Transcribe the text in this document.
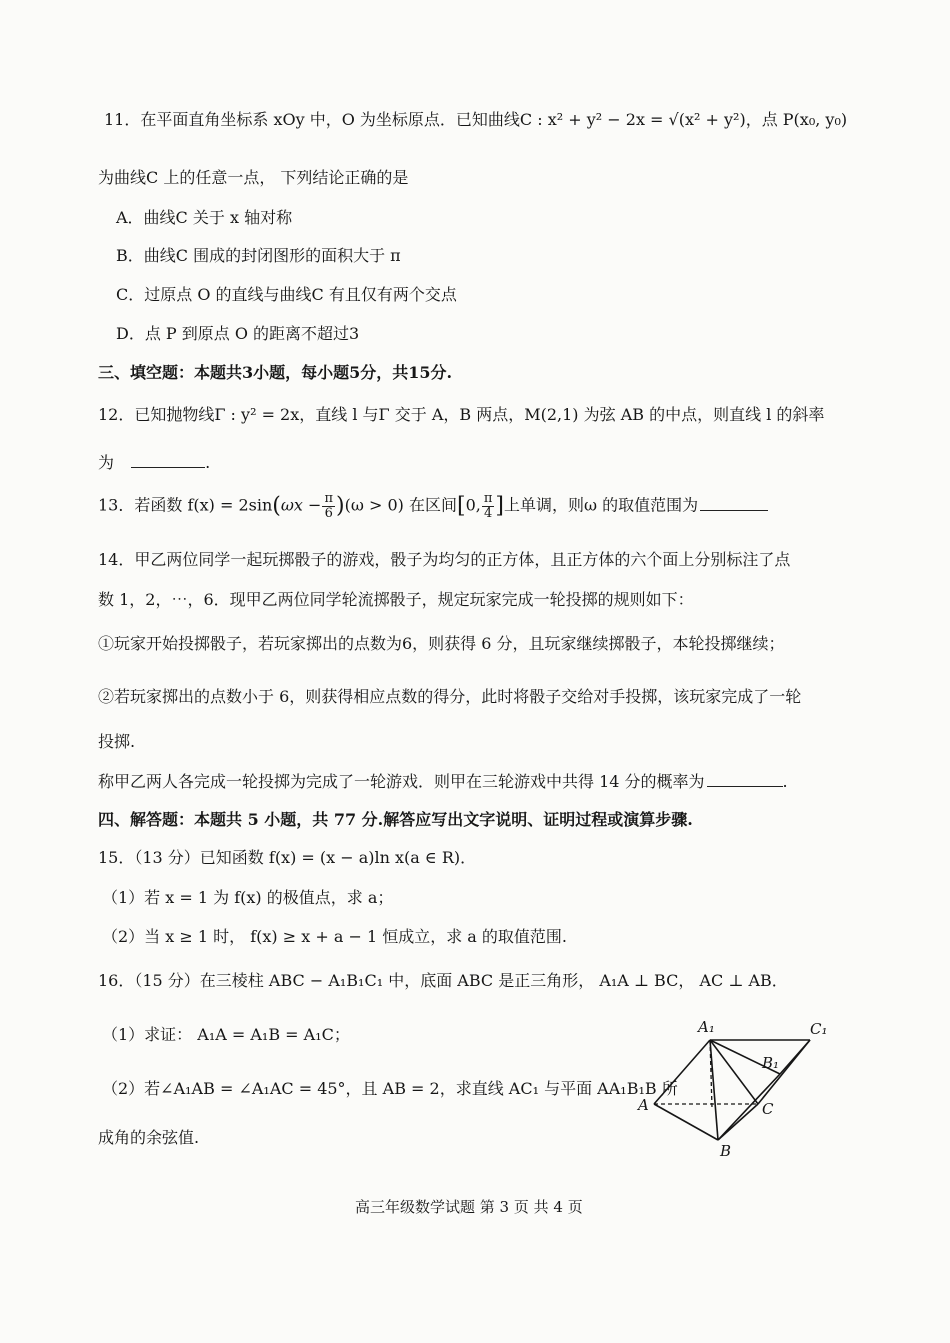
11．在平面直角坐标系 xOy 中，O 为坐标原点．已知曲线C : x² + y² − 2x = √(x² + y²)，点 P(x₀, y₀)
为曲线C 上的任意一点， 下列结论正确的是
A．曲线C 关于 x 轴对称
B．曲线C 围成的封闭图形的面积大于 π
C．过原点 O 的直线与曲线C 有且仅有两个交点
D．点 P 到原点 O 的距离不超过3
三、填空题：本题共3小题，每小题5分，共15分.
12．已知抛物线Γ : y² = 2x，直线 l 与Γ 交于 A，B 两点，M(2,1) 为弦 AB 的中点，则直线 l 的斜率
为	.
13．若函数 $f(x) = 2\sin(\omega x - \frac{\pi}{6} )(\omega > 0)$ 在区间[0, $\frac{\pi}{4}$ ]上单调，则ω 的取值范围为
14．甲乙两位同学一起玩掷骰子的游戏，骰子为均匀的正方体，且正方体的六个面上分别标注了点
数 1，2，⋯，6．现甲乙两位同学轮流掷骰子，规定玩家完成一轮投掷的规则如下：
①玩家开始投掷骰子，若玩家掷出的点数为6，则获得 6 分，且玩家继续掷骰子，本轮投掷继续；
②若玩家掷出的点数小于 6，则获得相应点数的得分，此时将骰子交给对手投掷，该玩家完成了一轮
投掷.
称甲乙两人各完成一轮投掷为完成了一轮游戏．则甲在三轮游戏中共得 14 分的概率为	.
四、解答题：本题共 5 小题，共 77 分.解答应写出文字说明、证明过程或演算步骤.
15．（13 分）已知函数 f(x) = (x − a)ln x(a ∈ R)．
（1）若 x = 1 为 f(x) 的极值点，求 a；
（2）当 x ≥ 1 时， f(x) ≥ x + a − 1 恒成立，求 a 的取值范围.
16．（15 分）在三棱柱 ABC − A₁B₁C₁ 中，底面 ABC 是正三角形， A₁A ⊥ BC， AC ⊥ AB．
（1）求证： A₁A = A₁B = A₁C；
（2）若∠A₁AB = ∠A₁AC = 45°，且 AB = 2，求直线 AC₁ 与平面 AA₁B₁B 所
成角的余弦值.
A₁	C₁
B₁
A	C
B
高三年级数学试题 第 3 页 共 4 页
